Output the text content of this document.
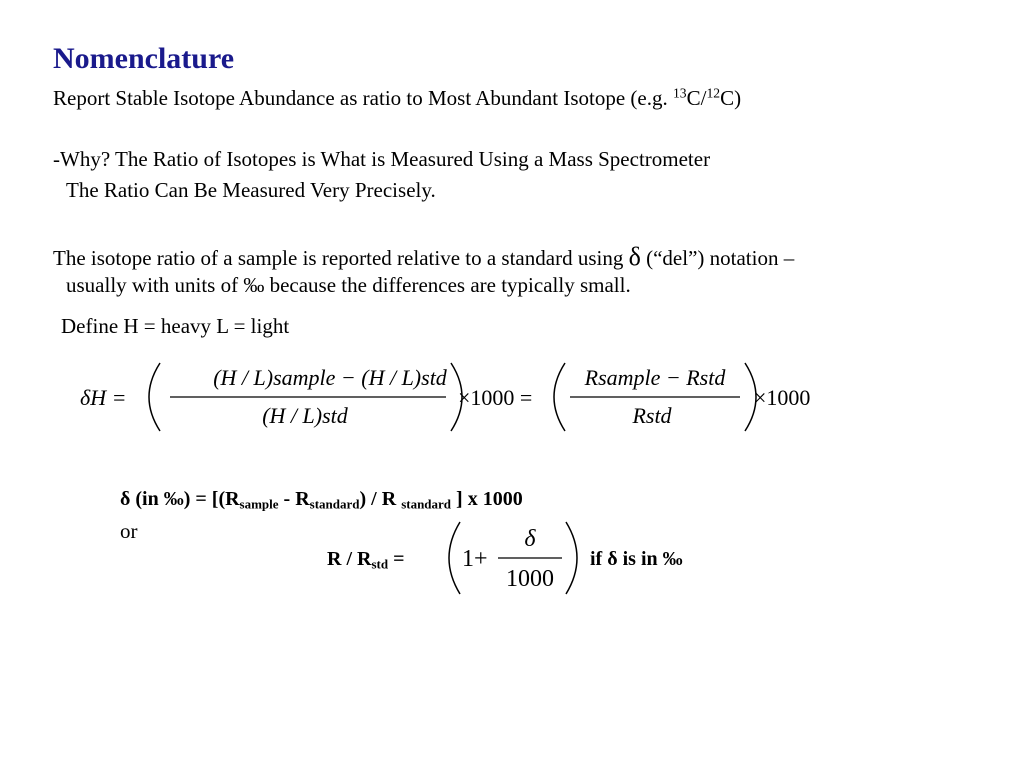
Nomenclature
Report Stable Isotope Abundance as ratio to Most Abundant Isotope (e.g. $^{13}$C/$^{12}$C)
-Why? The Ratio of Isotopes is What is Measured Using a Mass Spectrometer
The Ratio Can Be Measured Very Precisely.
The isotope ratio of a sample is reported relative to a standard using δ (“del”) notation –
usually with units of ‰ because the differences are typically small.
Define H = heavy L = light
δH =
(H / L)sample − (H / L)std
(H / L)std
×1000 =
Rsample − Rstd
Rstd
×1000
δ (in ‰) = [$(R_{sample} - R_{standard})$ / R $_{standard}$ ] x 1000
or
$R / R_{std} = 1+$
δ
1000
if δ is in ‰
